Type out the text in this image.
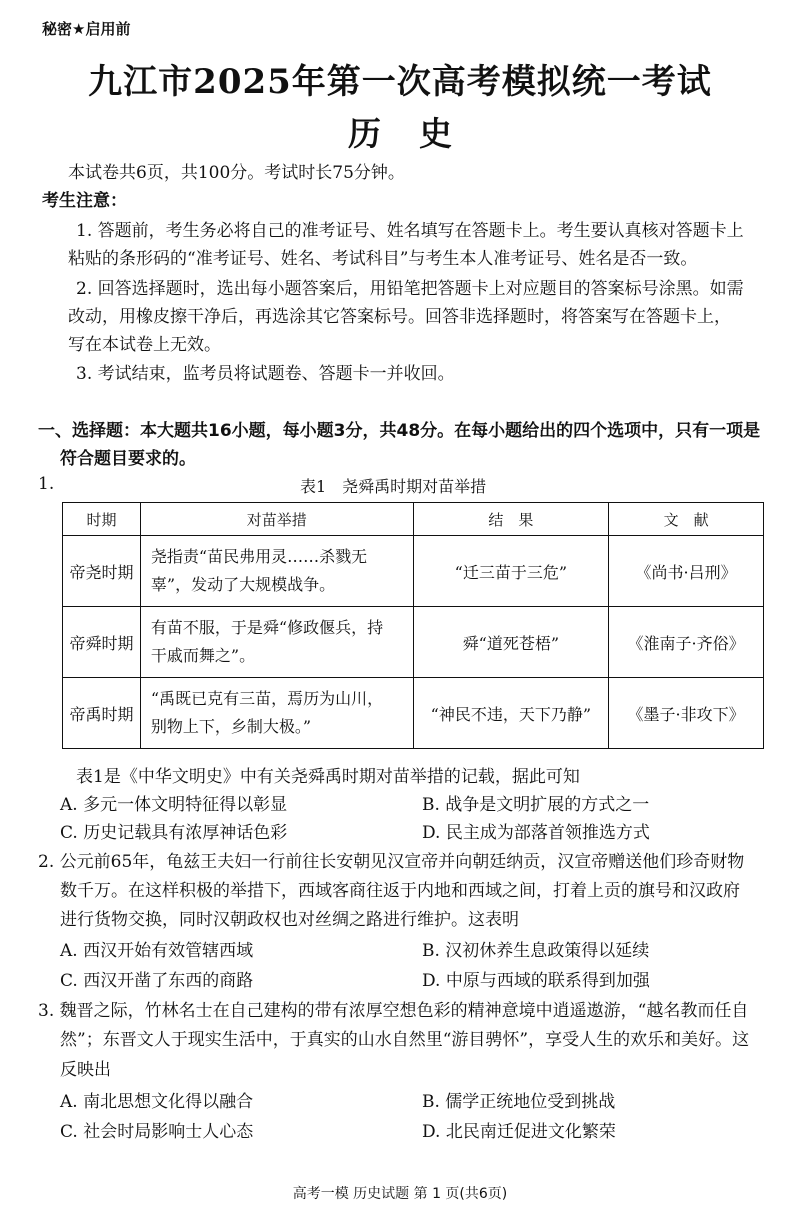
秘密★启用前
九江市2025年第一次高考模拟统一考试
历史
本试卷共6页，共100分。考试时长75分钟。
考生注意：
1. 答题前，考生务必将自己的准考证号、姓名填写在答题卡上。考生要认真核对答题卡上
粘贴的条形码的“准考证号、姓名、考试科目”与考生本人准考证号、姓名是否一致。
2. 回答选择题时，选出每小题答案后，用铅笔把答题卡上对应题目的答案标号涂黑。如需
改动，用橡皮擦干净后，再选涂其它答案标号。回答非选择题时，将答案写在答题卡上，
写在本试卷上无效。
3. 考试结束，监考员将试题卷、答题卡一并收回。
一、选择题：本大题共16小题，每小题3分，共48分。在每小题给出的四个选项中，只有一项是
符合题目要求的。
1.	表1　尧舜禹时期对苗举措
时期	对苗举措	结　果	文　献
帝尧时期	尧指责“苗民弗用灵……杀戮无
辜”，发动了大规模战争。	“迁三苗于三危”	《尚书·吕刑》
帝舜时期	有苗不服，于是舜“修政偃兵，持
干戚而舞之”。	舜“道死苍梧”	《淮南子·齐俗》
帝禹时期	“禹既已克有三苗，焉历为山川，
别物上下，乡制大极。”	“神民不违，天下乃静”	《墨子·非攻下》
表1是《中华文明史》中有关尧舜禹时期对苗举措的记载，据此可知
A. 多元一体文明特征得以彰显	B. 战争是文明扩展的方式之一
C. 历史记载具有浓厚神话色彩	D. 民主成为部落首领推选方式
2. 公元前65年，龟兹王夫妇一行前往长安朝见汉宣帝并向朝廷纳贡，汉宣帝赠送他们珍奇财物
数千万。在这样积极的举措下，西域客商往返于内地和西域之间，打着上贡的旗号和汉政府
进行货物交换，同时汉朝政权也对丝绸之路进行维护。这表明
A. 西汉开始有效管辖西域	B. 汉初休养生息政策得以延续
C. 西汉开凿了东西的商路	D. 中原与西域的联系得到加强
3. 魏晋之际，竹林名士在自己建构的带有浓厚空想色彩的精神意境中逍遥遨游，“越名教而任自
然”；东晋文人于现实生活中，于真实的山水自然里“游目骋怀”，享受人生的欢乐和美好。这
反映出
A. 南北思想文化得以融合	B. 儒学正统地位受到挑战
C. 社会时局影响士人心态	D. 北民南迁促进文化繁荣
高考一模 历史试题 第 1 页(共6页)
